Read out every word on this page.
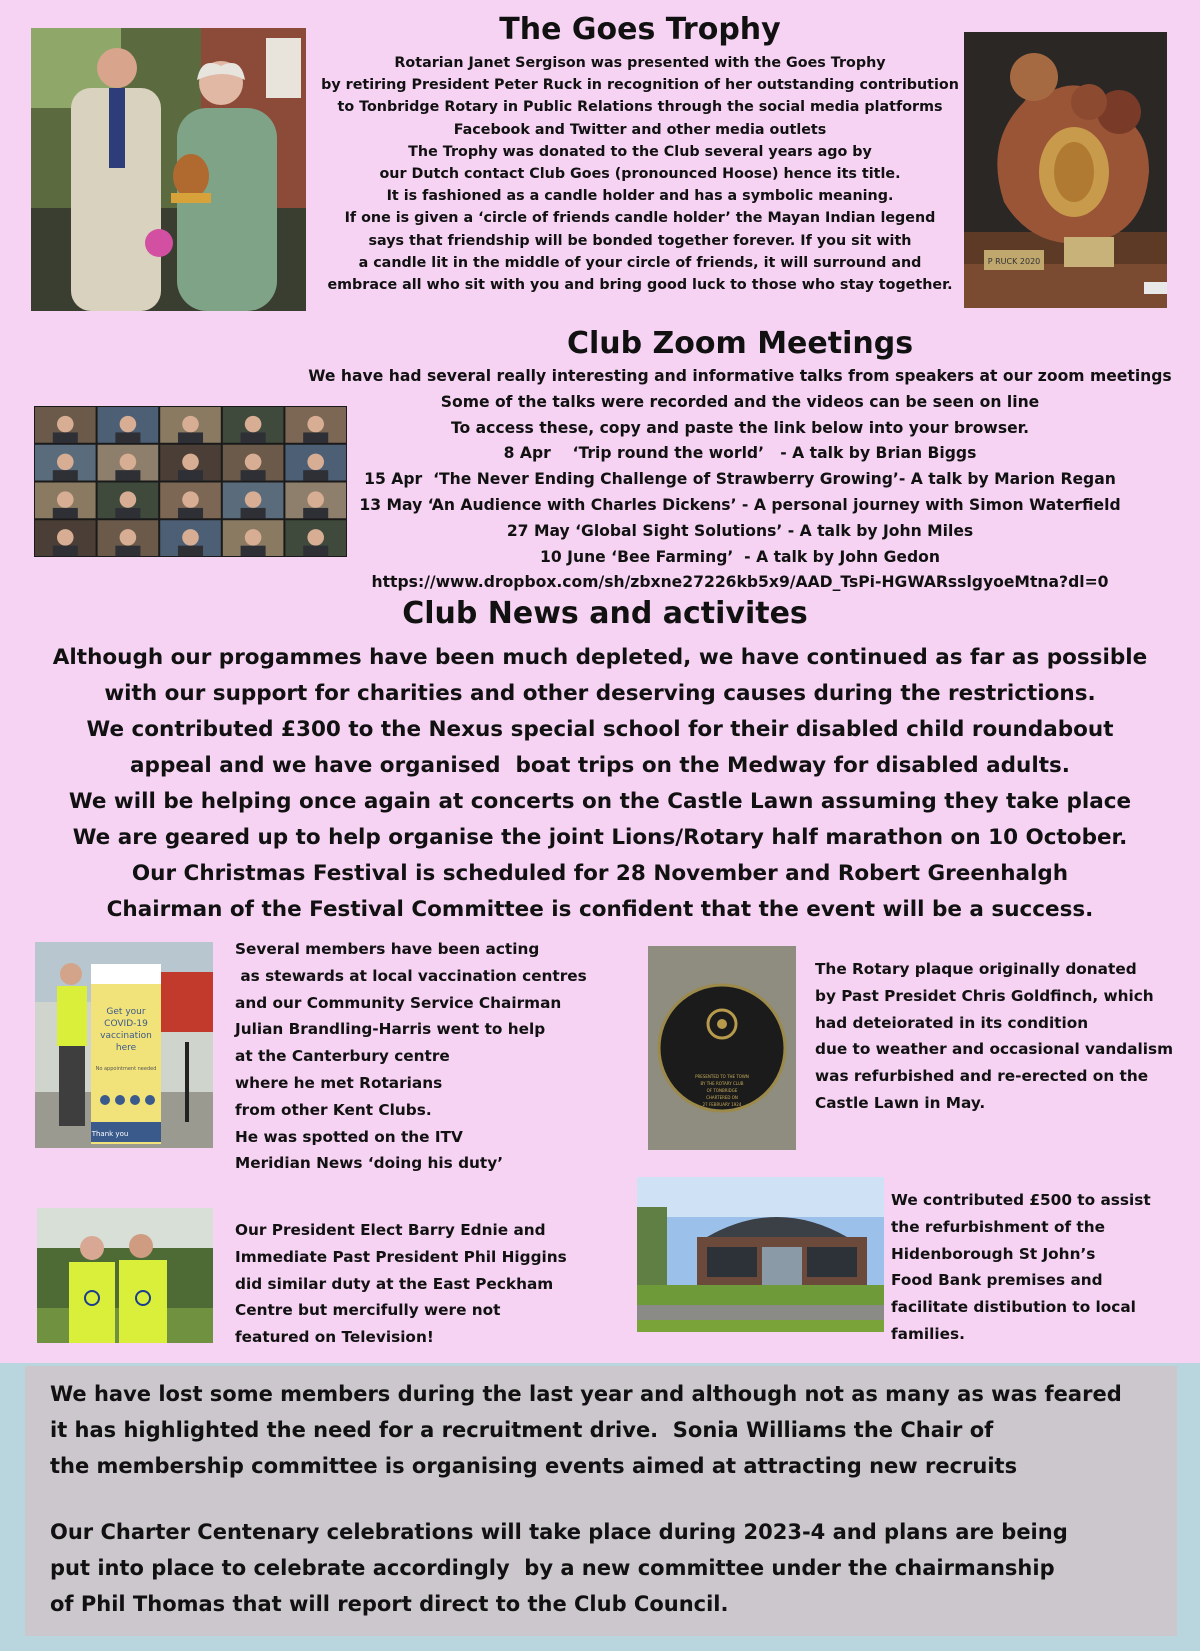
The Goes Trophy
Rotarian Janet Sergison was presented with the Goes Trophy
by retiring President Peter Ruck in recognition of her outstanding contribution
to Tonbridge Rotary in Public Relations through the social media platforms
Facebook and Twitter and other media outlets
The Trophy was donated to the Club several years ago by
our Dutch contact Club Goes (pronounced Hoose) hence its title.
It is fashioned as a candle holder and has a symbolic meaning.
If one is given a ‘circle of friends candle holder’ the Mayan Indian legend
says that friendship will be bonded together forever. If you sit with
a candle lit in the middle of your circle of friends, it will surround and
embrace all who sit with you and bring good luck to those who stay together.
P RUCK 2020
Club Zoom Meetings
We have had several really interesting and informative talks from speakers at our zoom meetings
Some of the talks were recorded and the videos can be seen on line
To access these, copy and paste the link below into your browser.
8 Apr    ‘Trip round the world’   - A talk by Brian Biggs
15 Apr  ‘The Never Ending Challenge of Strawberry Growing’- A talk by Marion Regan
13 May ‘An Audience with Charles Dickens’ - A personal journey with Simon Waterfield
27 May ‘Global Sight Solutions’ - A talk by John Miles
10 June ‘Bee Farming’  - A talk by John Gedon
https://www.dropbox.com/sh/zbxne27226kb5x9/AAD_TsPi-HGWARsslgyoeMtna?dl=0
Club News and activites
Although our progammes have been much depleted, we have continued as far as possible
with our support for charities and other deserving causes during the restrictions.
We contributed £300 to the Nexus special school for their disabled child roundabout
appeal and we have organised  boat trips on the Medway for disabled adults.
We will be helping once again at concerts on the Castle Lawn assuming they take place
We are geared up to help organise the joint Lions/Rotary half marathon on 10 October.
Our Christmas Festival is scheduled for 28 November and Robert Greenhalgh
Chairman of the Festival Committee is confident that the event will be a success.
Get your
COVID-19
vaccination
here
No appointment needed
Thank you
Several members have been acting
as stewards at local vaccination centres
and our Community Service Chairman
Julian Brandling-Harris went to help
at the Canterbury centre
where he met Rotarians
from other Kent Clubs.
He was spotted on the ITV
Meridian News ‘doing his duty’
PRESENTED TO THE TOWN
BY THE ROTARY CLUB
OF TONBRIDGE
CHARTERED ON
27 FEBRUARY 1924
The Rotary plaque originally donated
by Past Presidet Chris Goldfinch, which
had deteiorated in its condition
due to weather and occasional vandalism
was refurbished and re-erected on the
Castle Lawn in May.
Our President Elect Barry Ednie and
Immediate Past President Phil Higgins
did similar duty at the East Peckham
Centre but mercifully were not
featured on Television!
We contributed £500 to assist
the refurbishment of the
Hidenborough St John’s
Food Bank premises and
facilitate distibution to local
families.
We have lost some members during the last year and although not as many as was feared
it has highlighted the need for a recruitment drive.  Sonia Williams the Chair of
the membership committee is organising events aimed at attracting new recruits
Our Charter Centenary celebrations will take place during 2023-4 and plans are being
put into place to celebrate accordingly  by a new committee under the chairmanship
of Phil Thomas that will report direct to the Club Council.
